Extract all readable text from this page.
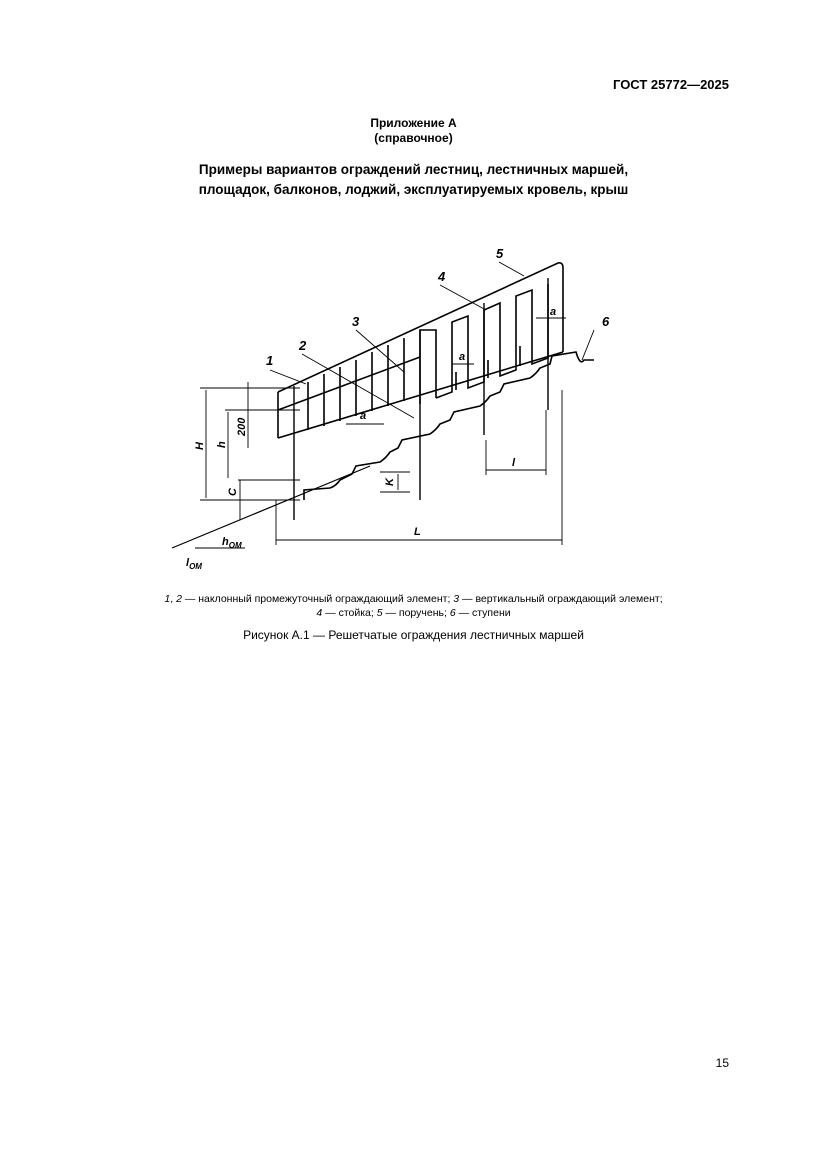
ГОСТ 25772—2025
Приложение А
(справочное)
Примеры вариантов ограждений лестниц, лестничных маршей,
площадок, балконов, лоджий, эксплуатируемых кровель, крыш
1
2
3
4
5
6
a
a
a
H h
200
C
K
l
L
$h_{ОМ}$
$l_{ОМ}$
1, 2 — наклонный промежуточный ограждающий элемент; 3 — вертикальный ограждающий элемент;
4 — стойка; 5 — поручень; 6 — ступени
Рисунок А.1 — Решетчатые ограждения лестничных маршей
15
